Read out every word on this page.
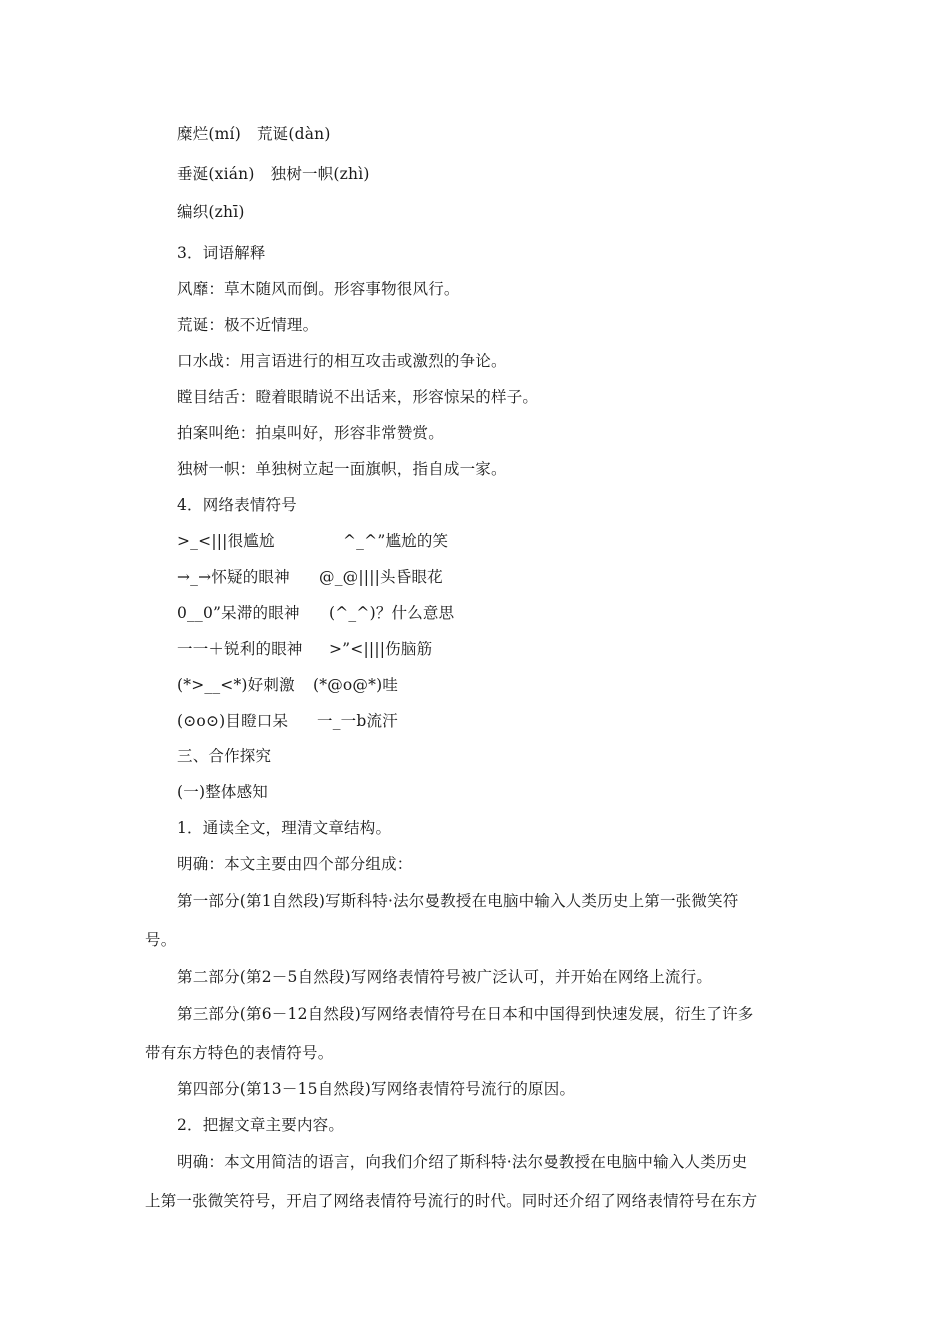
糜烂(mí) 荒诞(dàn)
垂涎(xián) 独树一帜(zhì)
编织(zhī)
3．词语解释
风靡：草木随风而倒。形容事物很风行。
荒诞：极不近情理。
口水战：用言语进行的相互攻击或激烈的争论。
瞠目结舌：瞪着眼睛说不出话来，形容惊呆的样子。
拍案叫绝：拍桌叫好，形容非常赞赏。
独树一帜：单独树立起一面旗帜，指自成一家。
4．网络表情符号
>_<|||很尴尬	^_^”尴尬的笑
→_→怀疑的眼神 @_@||||头昏眼花
0__0”呆滞的眼神 (^_^)？什么意思
一一＋锐利的眼神 >”<||||伤脑筋
(*>__<*)好刺激 (*@ο@*)哇
(⊙o⊙)目瞪口呆 一_一b流汗
三、合作探究
(一)整体感知
1．通读全文，理清文章结构。
明确：本文主要由四个部分组成：
第一部分(第1自然段)写斯科特·法尔曼教授在电脑中输入人类历史上第一张微笑符
号。
第二部分(第2－5自然段)写网络表情符号被广泛认可，并开始在网络上流行。
第三部分(第6－12自然段)写网络表情符号在日本和中国得到快速发展，衍生了许多
带有东方特色的表情符号。
第四部分(第13－15自然段)写网络表情符号流行的原因。
2．把握文章主要内容。
明确：本文用简洁的语言，向我们介绍了斯科特·法尔曼教授在电脑中输入人类历史
上第一张微笑符号，开启了网络表情符号流行的时代。同时还介绍了网络表情符号在东方
